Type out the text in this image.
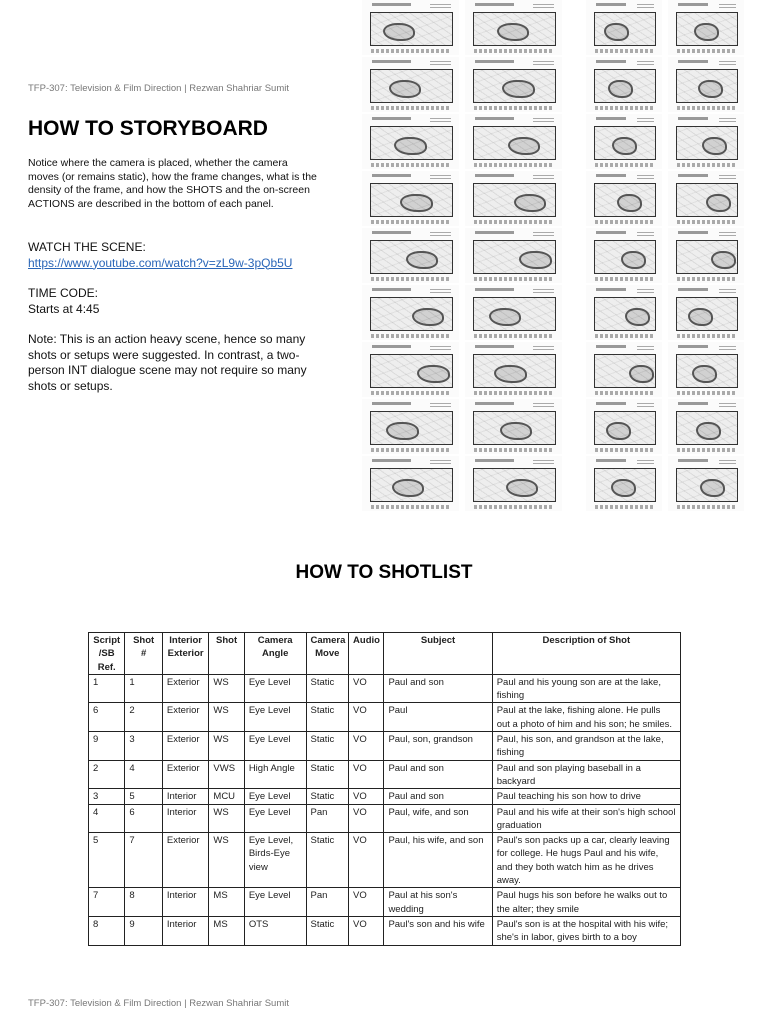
TFP-307: Television & Film Direction | Rezwan Shahriar Sumit
HOW TO STORYBOARD

Notice where the camera is placed, whether the camera moves (or remains static), how the frame changes, what is the density of the frame, and how the SHOTS and the on-screen ACTIONS are described in the bottom of each panel.

WATCH THE SCENE:
https://www.youtube.com/watch?v=zL9w-3pQb5U
TIME CODE:
Starts at 4:45
Note: This is an action heavy scene, hence so many shots or setups were suggested. In contrast, a two-person INT dialogue scene may not require so many shots or setups.
HOW TO SHOTLIST
Script /SB Ref.	Shot #	Interior Exterior	Shot	Camera Angle	Camera Move	Audio	Subject	Description of Shot
1	1	Exterior	WS	Eye Level	Static	VO	Paul and son	Paul and his young son are at the lake, fishing
6	2	Exterior	WS	Eye Level	Static	VO	Paul	Paul at the lake, fishing alone. He pulls out a photo of him and his son; he smiles.
9	3	Exterior	WS	Eye Level	Static	VO	Paul, son, grandson	Paul, his son, and grandson at the lake, fishing
2	4	Exterior	VWS	High Angle	Static	VO	Paul and son	Paul and son playing baseball in a backyard
3	5	Interior	MCU	Eye Level	Static	VO	Paul and son	Paul teaching his son how to drive
4	6	Interior	WS	Eye Level	Pan	VO	Paul, wife, and son	Paul and his wife at their son's high school graduation
5	7	Exterior	WS	Eye Level, Birds-Eye view	Static	VO	Paul, his wife, and son	Paul's son packs up a car, clearly leaving for college. He hugs Paul and his wife, and they both watch him as he drives away.
7	8	Interior	MS	Eye Level	Pan	VO	Paul at his son's wedding	Paul hugs his son before he walks out to the alter; they smile
8	9	Interior	MS	OTS	Static	VO	Paul's son and his wife	Paul's son is at the hospital with his wife; she's in labor, gives birth to a boy
TFP-307: Television & Film Direction | Rezwan Shahriar Sumit
